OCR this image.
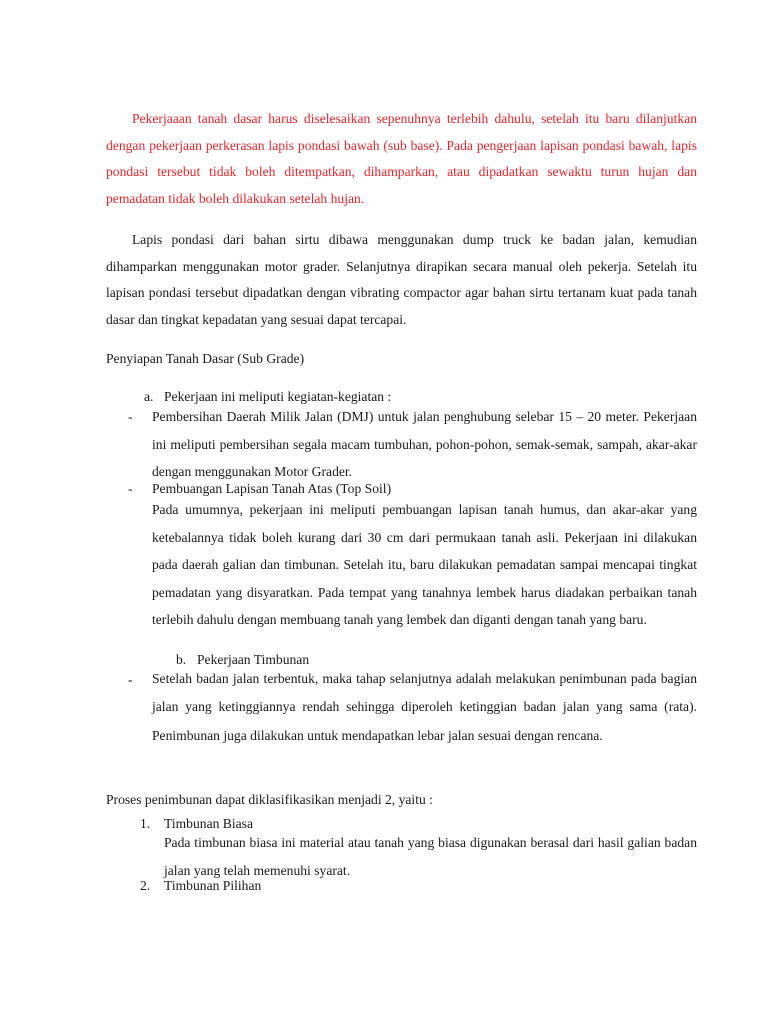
Pekerjaaan tanah dasar harus diselesaikan sepenuhnya terlebih dahulu, setelah itu baru dilanjutkan dengan pekerjaan perkerasan lapis pondasi bawah (sub base). Pada pengerjaan lapisan pondasi bawah, lapis pondasi tersebut tidak boleh ditempatkan, dihamparkan, atau dipadatkan sewaktu turun hujan dan pemadatan tidak boleh dilakukan setelah hujan.

Lapis pondasi dari bahan sirtu dibawa menggunakan dump truck ke badan jalan, kemudian dihamparkan menggunakan motor grader. Selanjutnya dirapikan secara manual oleh pekerja. Setelah itu lapisan pondasi tersebut dipadatkan dengan vibrating compactor agar bahan sirtu tertanam kuat pada tanah dasar dan tingkat kepadatan yang sesuai dapat tercapai.

Penyiapan Tanah Dasar (Sub Grade)

a. Pekerjaan ini meliputi kegiatan-kegiatan :
- Pembersihan Daerah Milik Jalan (DMJ) untuk jalan penghubung selebar 15 – 20 meter. Pekerjaan ini meliputi pembersihan segala macam tumbuhan, pohon-pohon, semak-semak, sampah, akar-akar dengan menggunakan Motor Grader.

- Pembuangan Lapisan Tanah Atas (Top Soil)

Pada umumnya, pekerjaan ini meliputi pembuangan lapisan tanah humus, dan akar-akar yang ketebalannya tidak boleh kurang dari 30 cm dari permukaan tanah asli. Pekerjaan ini dilakukan pada daerah galian dan timbunan. Setelah itu, baru dilakukan pemadatan sampai mencapai tingkat pemadatan yang disyaratkan. Pada tempat yang tanahnya lembek harus diadakan perbaikan tanah terlebih dahulu dengan membuang tanah yang lembek dan diganti dengan tanah yang baru.

b. Pekerjaan Timbunan
- Setelah badan jalan terbentuk, maka tahap selanjutnya adalah melakukan penimbunan pada bagian jalan yang ketinggiannya rendah sehingga diperoleh ketinggian badan jalan yang sama (rata). Penimbunan juga dilakukan untuk mendapatkan lebar jalan sesuai dengan rencana.

Proses penimbunan dapat diklasifikasikan menjadi 2, yaitu :

1. Timbunan Biasa

Pada timbunan biasa ini material atau tanah yang biasa digunakan berasal dari hasil galian badan jalan yang telah memenuhi syarat.

2. Timbunan Pilihan
